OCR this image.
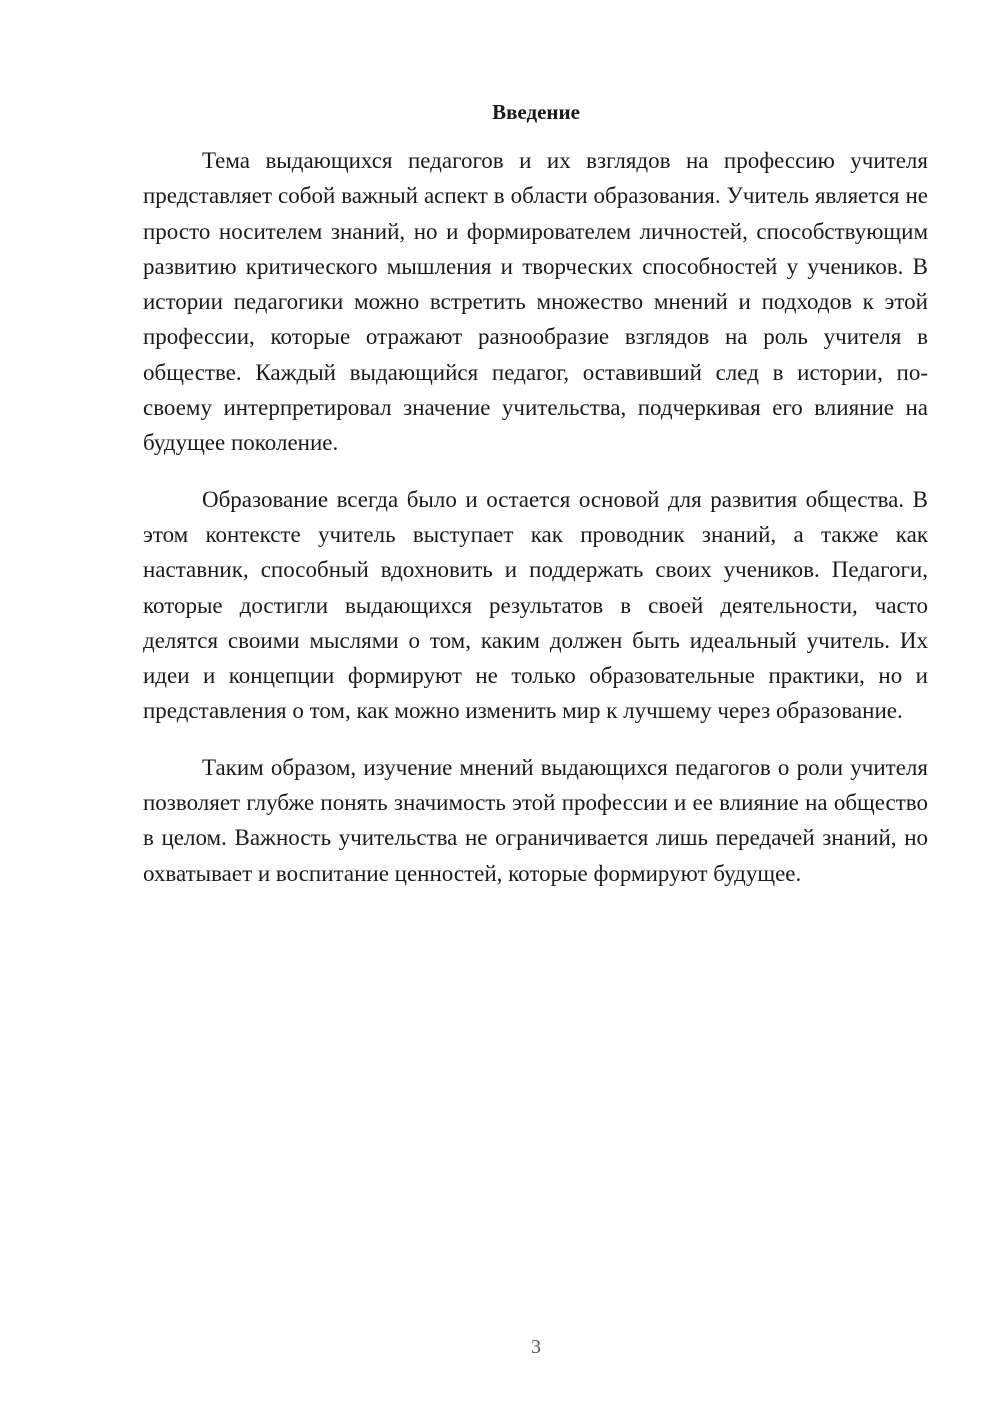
Введение

Тема выдающихся педагогов и их взглядов на профессию учителя представляет собой важный аспект в области образования. Учитель является не просто носителем знаний, но и формирователем личностей, способствующим развитию критического мышления и творческих способностей у учеников. В истории педагогики можно встретить множество мнений и подходов к этой профессии, которые отражают разнообразие взглядов на роль учителя в обществе. Каждый выдающийся педагог, оставивший след в истории, по-своему интерпретировал значение учительства, подчеркивая его влияние на будущее поколение.

Образование всегда было и остается основой для развития общества. В этом контексте учитель выступает как проводник знаний, а также как наставник, способный вдохновить и поддержать своих учеников. Педагоги, которые достигли выдающихся результатов в своей деятельности, часто делятся своими мыслями о том, каким должен быть идеальный учитель. Их идеи и концепции формируют не только образовательные практики, но и представления о том, как можно изменить мир к лучшему через образование.

Таким образом, изучение мнений выдающихся педагогов о роли учителя позволяет глубже понять значимость этой профессии и ее влияние на общество в целом. Важность учительства не ограничивается лишь передачей знаний, но охватывает и воспитание ценностей, которые формируют будущее.

3
